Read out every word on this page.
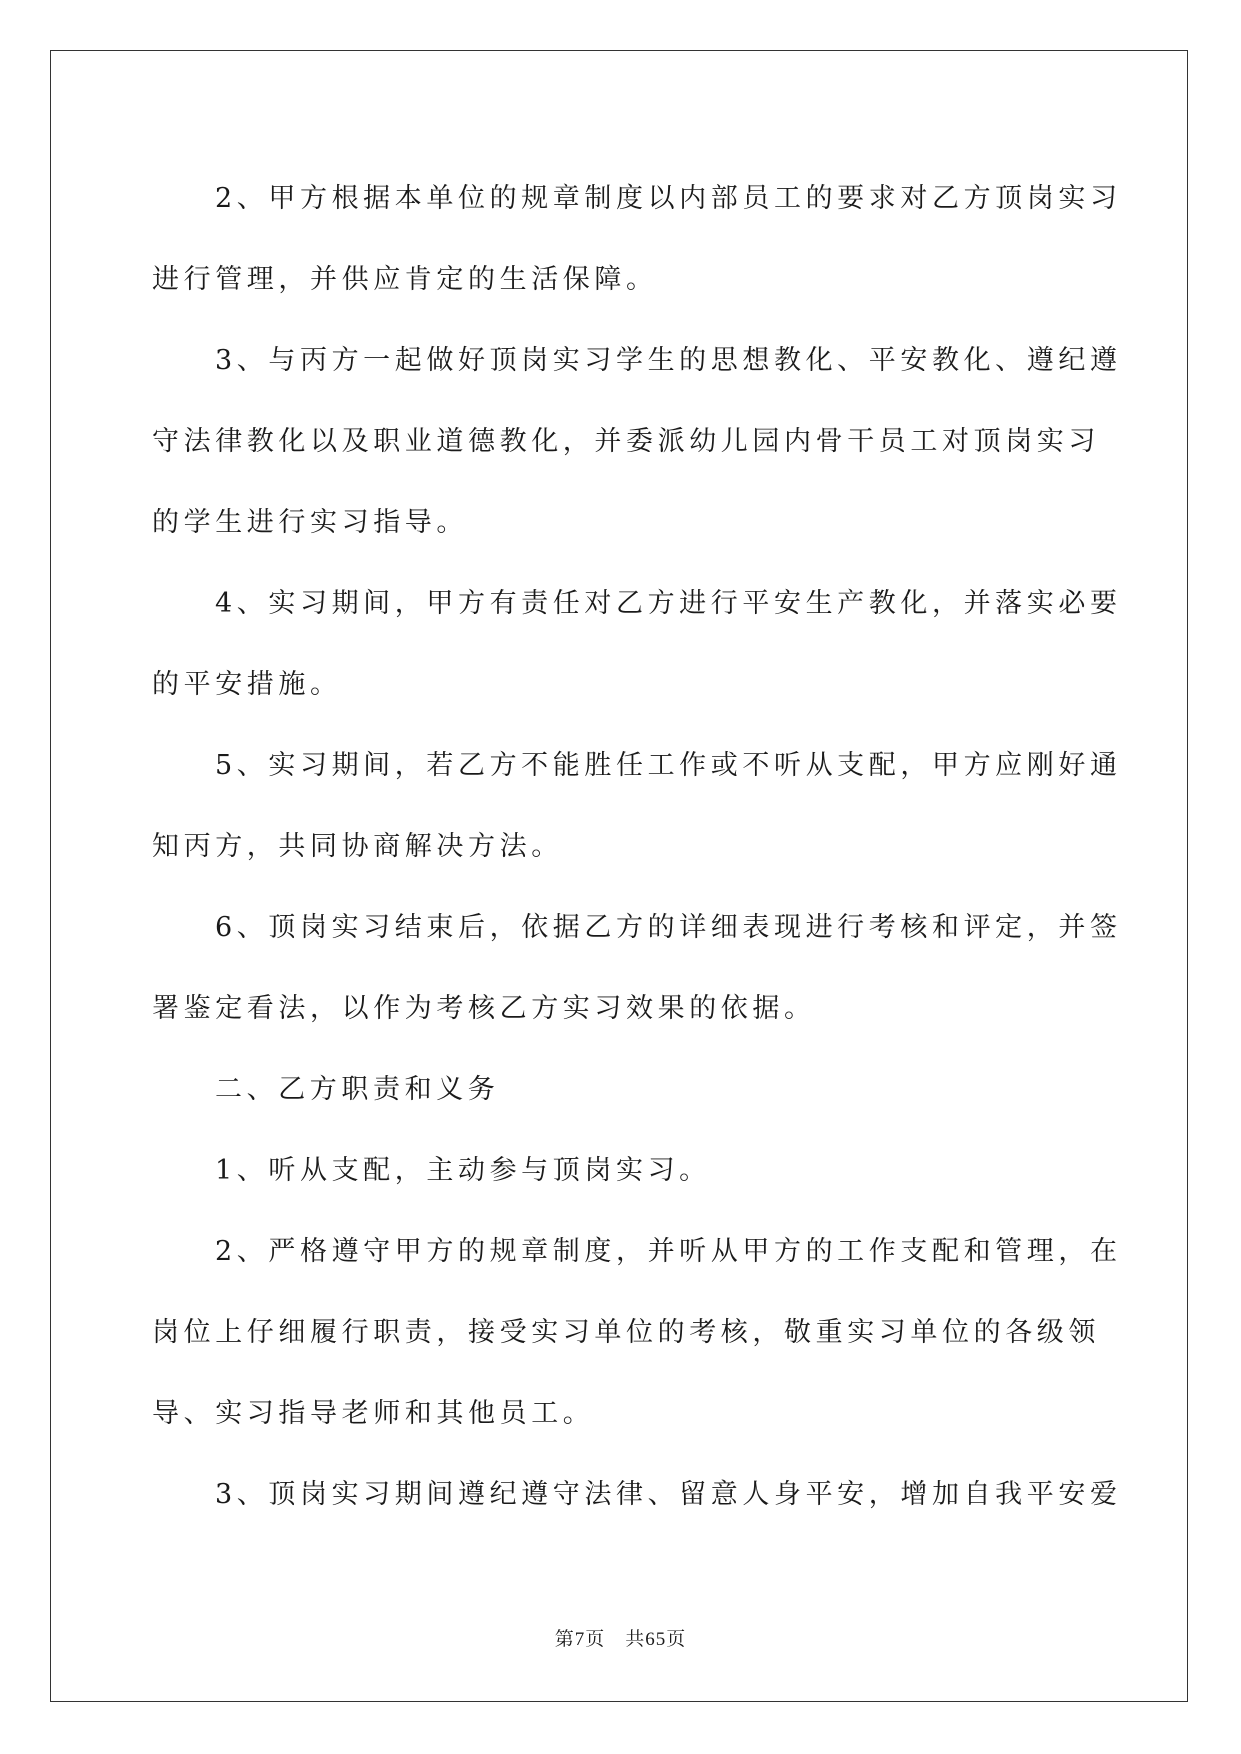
2、甲方根据本单位的规章制度以内部员工的要求对乙方顶岗实习

进行管理，并供应肯定的生活保障。

3、与丙方一起做好顶岗实习学生的思想教化、平安教化、遵纪遵

守法律教化以及职业道德教化，并委派幼儿园内骨干员工对顶岗实习

的学生进行实习指导。

4、实习期间，甲方有责任对乙方进行平安生产教化，并落实必要

的平安措施。

5、实习期间，若乙方不能胜任工作或不听从支配，甲方应刚好通

知丙方，共同协商解决方法。

6、顶岗实习结束后，依据乙方的详细表现进行考核和评定，并签

署鉴定看法，以作为考核乙方实习效果的依据。

二、乙方职责和义务

1、听从支配，主动参与顶岗实习。

2、严格遵守甲方的规章制度，并听从甲方的工作支配和管理，在

岗位上仔细履行职责，接受实习单位的考核，敬重实习单位的各级领

导、实习指导老师和其他员工。

3、顶岗实习期间遵纪遵守法律、留意人身平安，增加自我平安爱

第7页　共65页
